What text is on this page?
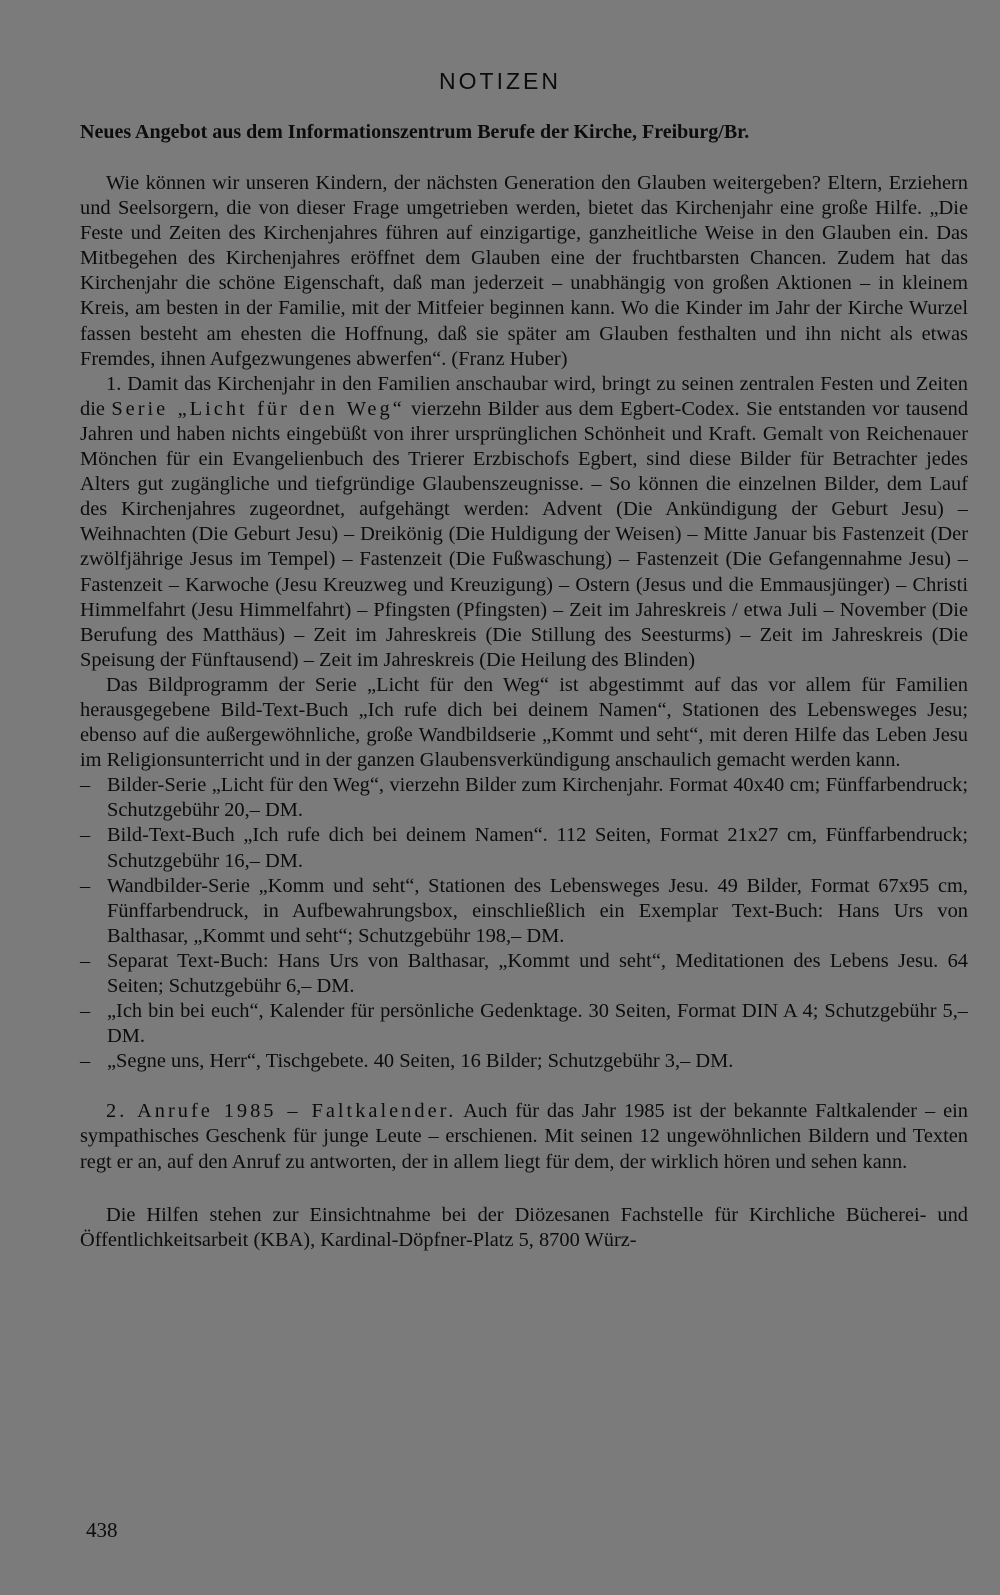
NOTIZEN
Neues Angebot aus dem Informationszentrum Berufe der Kirche, Freiburg/Br.

Wie können wir unseren Kindern, der nächsten Generation den Glauben weitergeben? Eltern, Erziehern und Seelsorgern, die von dieser Frage umgetrieben werden, bietet das Kirchenjahr eine große Hilfe. „Die Feste und Zeiten des Kirchenjahres führen auf einzigartige, ganzheitliche Weise in den Glauben ein. Das Mitbegehen des Kirchenjahres eröffnet dem Glauben eine der fruchtbarsten Chancen. Zudem hat das Kirchenjahr die schöne Eigenschaft, daß man jederzeit – unabhängig von großen Aktionen – in kleinem Kreis, am besten in der Familie, mit der Mitfeier beginnen kann. Wo die Kinder im Jahr der Kirche Wurzel fassen besteht am ehesten die Hoffnung, daß sie später am Glauben festhalten und ihn nicht als etwas Fremdes, ihnen Aufgezwungenes abwerfen“. (Franz Huber)

1. Damit das Kirchenjahr in den Familien anschaubar wird, bringt zu seinen zentralen Festen und Zeiten die Serie „Licht für den Weg“ vierzehn Bilder aus dem Egbert-Codex. Sie entstanden vor tausend Jahren und haben nichts eingebüßt von ihrer ursprünglichen Schönheit und Kraft. Gemalt von Reichenauer Mönchen für ein Evangelienbuch des Trierer Erzbischofs Egbert, sind diese Bilder für Betrachter jedes Alters gut zugängliche und tiefgründige Glaubenszeugnisse. – So können die einzelnen Bilder, dem Lauf des Kirchenjahres zugeordnet, aufgehängt werden: Advent (Die Ankündigung der Geburt Jesu) – Weihnachten (Die Geburt Jesu) – Dreikönig (Die Huldigung der Weisen) – Mitte Januar bis Fastenzeit (Der zwölfjährige Jesus im Tempel) – Fastenzeit (Die Fußwaschung) – Fastenzeit (Die Gefangennahme Jesu) – Fastenzeit – Karwoche (Jesu Kreuzweg und Kreuzigung) – Ostern (Jesus und die Emmausjünger) – Christi Himmelfahrt (Jesu Himmelfahrt) – Pfingsten (Pfingsten) – Zeit im Jahreskreis / etwa Juli – November (Die Berufung des Matthäus) – Zeit im Jahreskreis (Die Stillung des Seesturms) – Zeit im Jahreskreis (Die Speisung der Fünftausend) – Zeit im Jahreskreis (Die Heilung des Blinden)

Das Bildprogramm der Serie „Licht für den Weg“ ist abgestimmt auf das vor allem für Familien herausgegebene Bild-Text-Buch „Ich rufe dich bei deinem Namen“, Stationen des Lebensweges Jesu; ebenso auf die außergewöhnliche, große Wandbildserie „Kommt und seht“, mit deren Hilfe das Leben Jesu im Religionsunterricht und in der ganzen Glaubensverkündigung anschaulich gemacht werden kann.

– Bilder-Serie „Licht für den Weg“, vierzehn Bilder zum Kirchenjahr. Format 40x40 cm; Fünffarbendruck; Schutzgebühr 20,– DM.
– Bild-Text-Buch „Ich rufe dich bei deinem Namen“. 112 Seiten, Format 21x27 cm, Fünffarbendruck; Schutzgebühr 16,– DM.
– Wandbilder-Serie „Komm und seht“, Stationen des Lebensweges Jesu. 49 Bilder, Format 67x95 cm, Fünffarbendruck, in Aufbewahrungsbox, einschließlich ein Exemplar Text-Buch: Hans Urs von Balthasar, „Kommt und seht“; Schutzgebühr 198,– DM.
– Separat Text-Buch: Hans Urs von Balthasar, „Kommt und seht“, Meditationen des Lebens Jesu. 64 Seiten; Schutzgebühr 6,– DM.
– „Ich bin bei euch“, Kalender für persönliche Gedenktage. 30 Seiten, Format DIN A 4; Schutzgebühr 5,– DM.
– „Segne uns, Herr“, Tischgebete. 40 Seiten, 16 Bilder; Schutzgebühr 3,– DM.

2. Anrufe 1985 – Faltkalender. Auch für das Jahr 1985 ist der bekannte Faltkalender – ein sympathisches Geschenk für junge Leute – erschienen. Mit seinen 12 ungewöhnlichen Bildern und Texten regt er an, auf den Anruf zu antworten, der in allem liegt für dem, der wirklich hören und sehen kann.

Die Hilfen stehen zur Einsichtnahme bei der Diözesanen Fachstelle für Kirchliche Bücherei- und Öffentlichkeitsarbeit (KBA), Kardinal-Döpfner-Platz 5, 8700 Würz-

438
